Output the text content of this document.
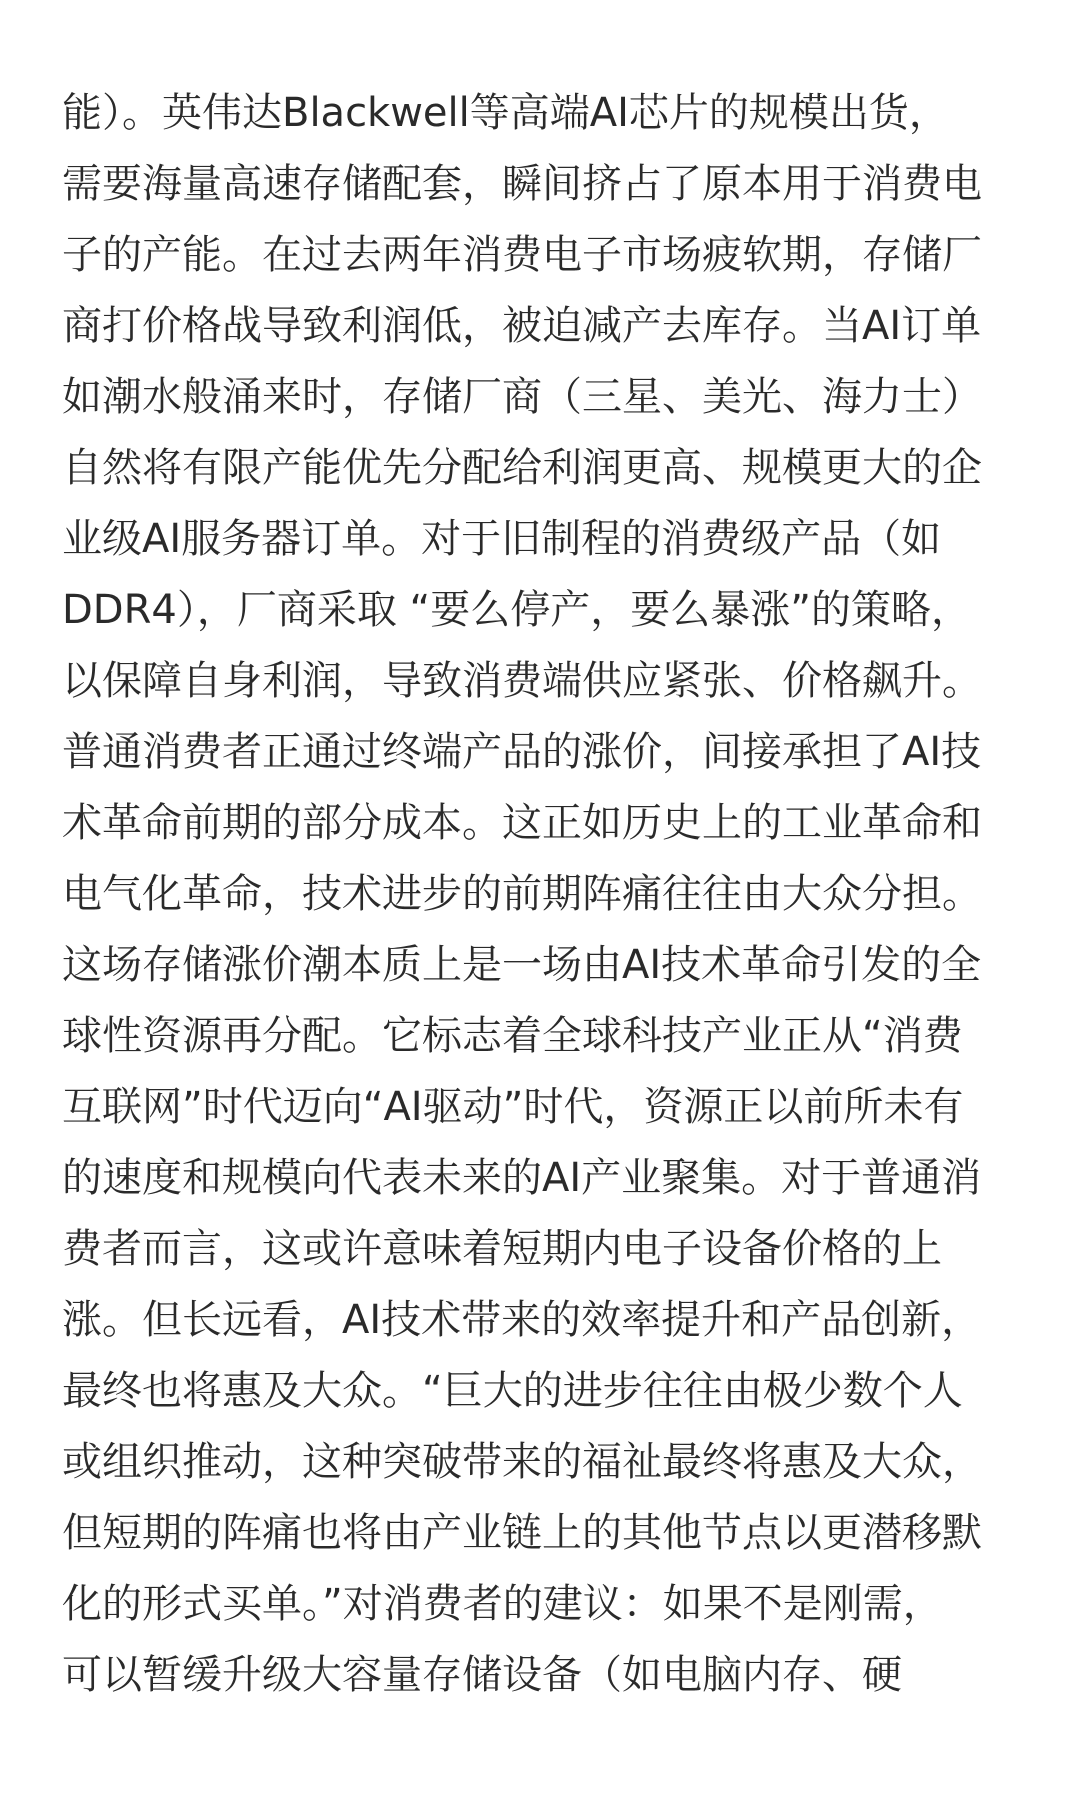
能）。英伟达Blackwell等高端AI芯片的规模出货，
需要海量高速存储配套，瞬间挤占了原本用于消费电
子的产能。在过去两年消费电子市场疲软期，存储厂
商打价格战导致利润低，被迫减产去库存。当AI订单
如潮水般涌来时，存储厂商（三星、美光、海力士）
自然将有限产能优先分配给利润更高、规模更大的企
业级AI服务器订单。对于旧制程的消费级产品（如
DDR4），厂商采取 “要么停产，要么暴涨”的策略，
以保障自身利润，导致消费端供应紧张、价格飙升。
普通消费者正通过终端产品的涨价，间接承担了AI技
术革命前期的部分成本。这正如历史上的工业革命和
电气化革命，技术进步的前期阵痛往往由大众分担。
这场存储涨价潮本质上是一场由AI技术革命引发的全
球性资源再分配。它标志着全球科技产业正从“消费
互联网”时代迈向“AI驱动”时代，资源正以前所未有
的速度和规模向代表未来的AI产业聚集。对于普通消
费者而言，这或许意味着短期内电子设备价格的上
涨。但长远看，AI技术带来的效率提升和产品创新，
最终也将惠及大众。“巨大的进步往往由极少数个人
或组织推动，这种突破带来的福祉最终将惠及大众，
但短期的阵痛也将由产业链上的其他节点以更潜移默
化的形式买单。”对消费者的建议：如果不是刚需，
可以暂缓升级大容量存储设备（如电脑内存、硬
